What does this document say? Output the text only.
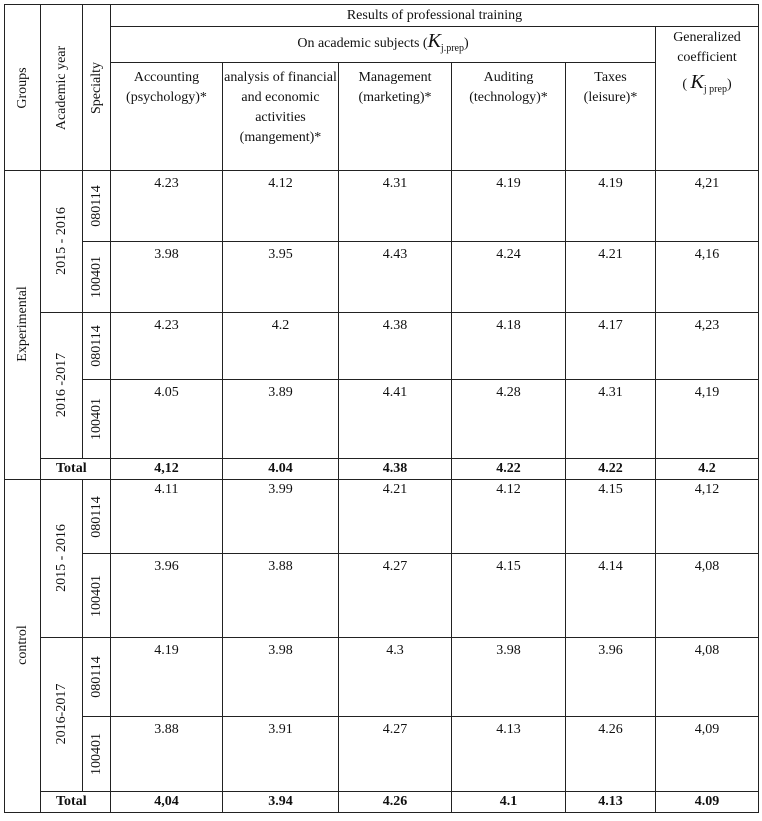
Groups	Academic year	Specialty	Results of professional training					
			On academic subjects $(K_{j.prep})$					Generalized
coefficient
( $K_{j prep}$)

			Accounting (psychology)*	analysis of financial and economic activities (mangement)*	Management (marketing)*	Auditing (technology)*	Taxes (leisure)*	

Experimental	2015 - 2016	080114	4.23	4.12	4.31	4.19	4.19	4,21

		100401	3.98	3.95	4.43	4.24	4.21	4,16

	2016 -2017	080114	4.23	4.2	4.38	4.18	4.17	4,23

		100401	4.05	3.89	4.41	4.28	4.31	4,19
	Total		4,12	4.04	4.38	4.22	4.22	4.2

control	2015 - 2016	080114	4.11	3.99	4.21	4.12	4.15	4,12

		100401	3.96	3.88	4.27	4.15	4.14	4,08

	2016-2017	080114	4.19	3.98	4.3	3.98	3.96	4,08

		100401	3.88	3.91	4.27	4.13	4.26	4,09
	Total		4,04	3.94	4.26	4.1	4.13	4.09
